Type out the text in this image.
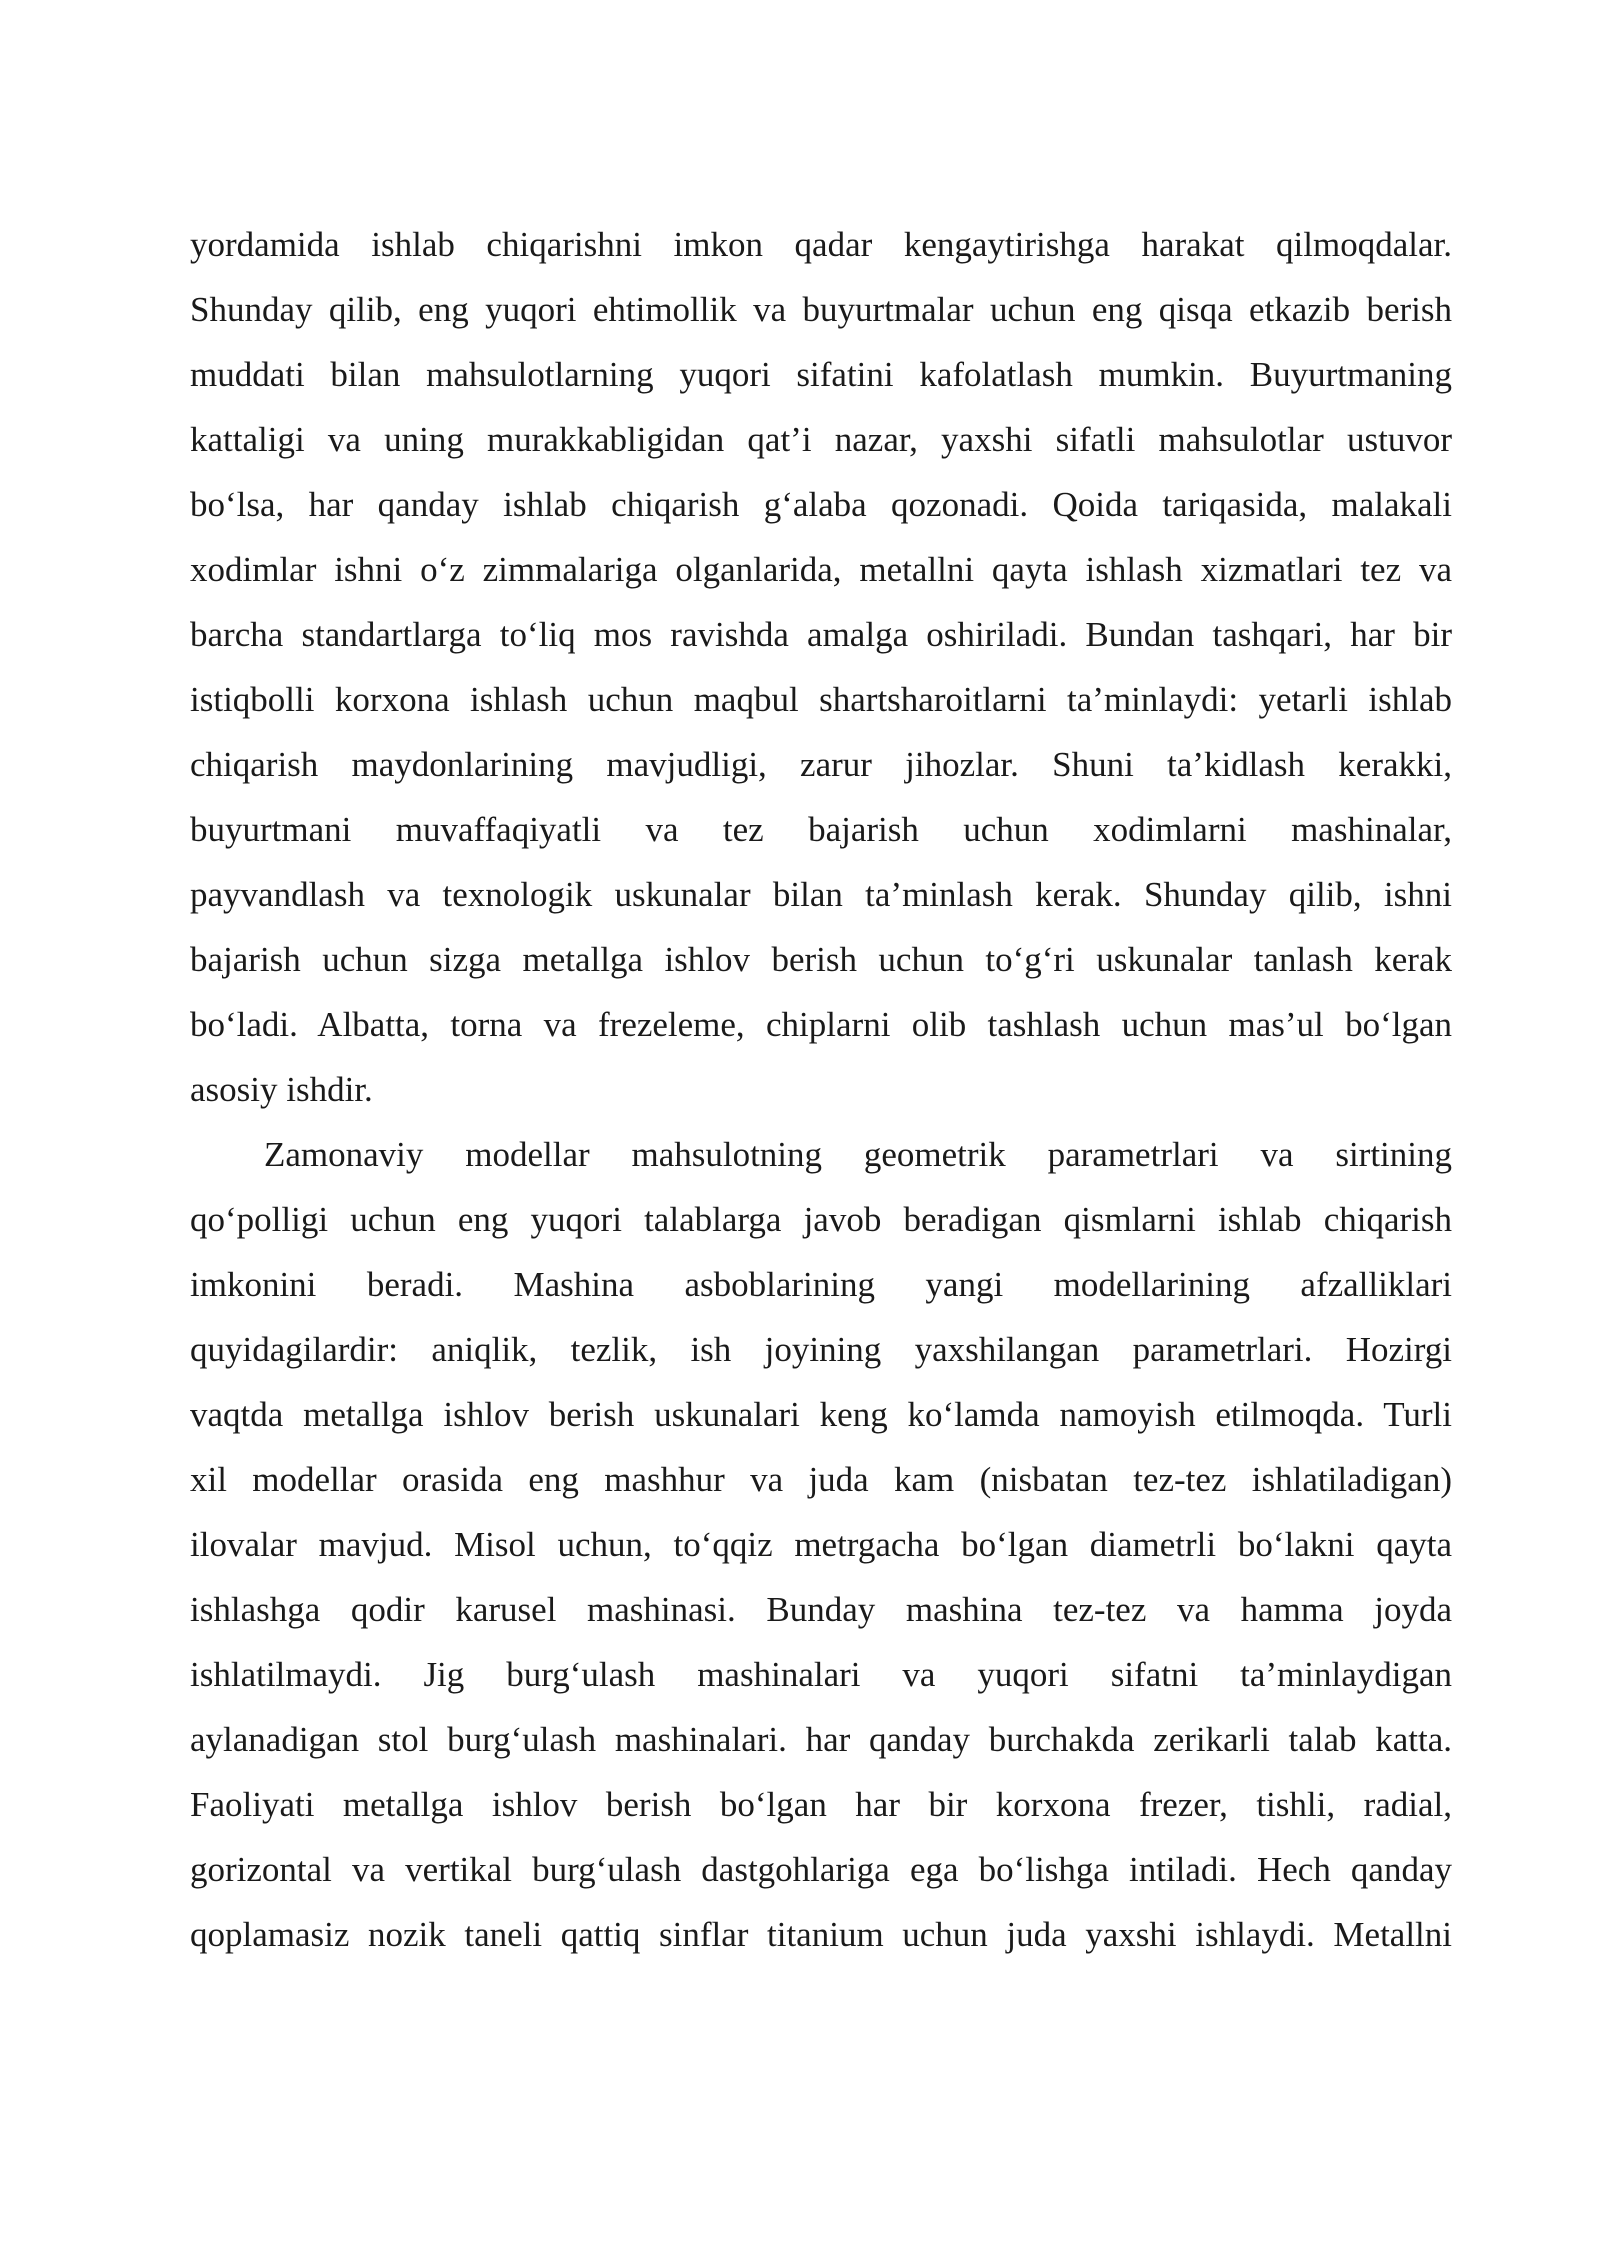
yordamida ishlab chiqarishni imkon qadar kengaytirishga harakat qilmoqdalar.
Shunday qilib, eng yuqori ehtimollik va buyurtmalar uchun eng qisqa etkazib berish
muddati bilan mahsulotlarning yuqori sifatini kafolatlash mumkin. Buyurtmaning
kattaligi va uning murakkabligidan qat’i nazar, yaxshi sifatli mahsulotlar ustuvor
bo‘lsa, har qanday ishlab chiqarish g‘alaba qozonadi. Qoida tariqasida, malakali
xodimlar ishni o‘z zimmalariga olganlarida, metallni qayta ishlash xizmatlari tez va
barcha standartlarga to‘liq mos ravishda amalga oshiriladi. Bundan tashqari, har bir
istiqbolli korxona ishlash uchun maqbul shartsharoitlarni ta’minlaydi: yetarli ishlab
chiqarish maydonlarining mavjudligi, zarur jihozlar. Shuni ta’kidlash kerakki,
buyurtmani muvaffaqiyatli va tez bajarish uchun xodimlarni mashinalar,
payvandlash va texnologik uskunalar bilan ta’minlash kerak. Shunday qilib, ishni
bajarish uchun sizga metallga ishlov berish uchun to‘g‘ri uskunalar tanlash kerak
bo‘ladi. Albatta, torna va frezeleme, chiplarni olib tashlash uchun mas’ul bo‘lgan
asosiy ishdir.
Zamonaviy modellar mahsulotning geometrik parametrlari va sirtining
qo‘polligi uchun eng yuqori talablarga javob beradigan qismlarni ishlab chiqarish
imkonini beradi. Mashina asboblarining yangi modellarining afzalliklari
quyidagilardir: aniqlik, tezlik, ish joyining yaxshilangan parametrlari. Hozirgi
vaqtda metallga ishlov berish uskunalari keng ko‘lamda namoyish etilmoqda. Turli
xil modellar orasida eng mashhur va juda kam (nisbatan tez-tez ishlatiladigan)
ilovalar mavjud. Misol uchun, to‘qqiz metrgacha bo‘lgan diametrli bo‘lakni qayta
ishlashga qodir karusel mashinasi. Bunday mashina tez-tez va hamma joyda
ishlatilmaydi. Jig burg‘ulash mashinalari va yuqori sifatni ta’minlaydigan
aylanadigan stol burg‘ulash mashinalari. har qanday burchakda zerikarli talab katta.
Faoliyati metallga ishlov berish bo‘lgan har bir korxona frezer, tishli, radial,
gorizontal va vertikal burg‘ulash dastgohlariga ega bo‘lishga intiladi. Hech qanday
qoplamasiz nozik taneli qattiq sinflar titanium uchun juda yaxshi ishlaydi. Metallni
